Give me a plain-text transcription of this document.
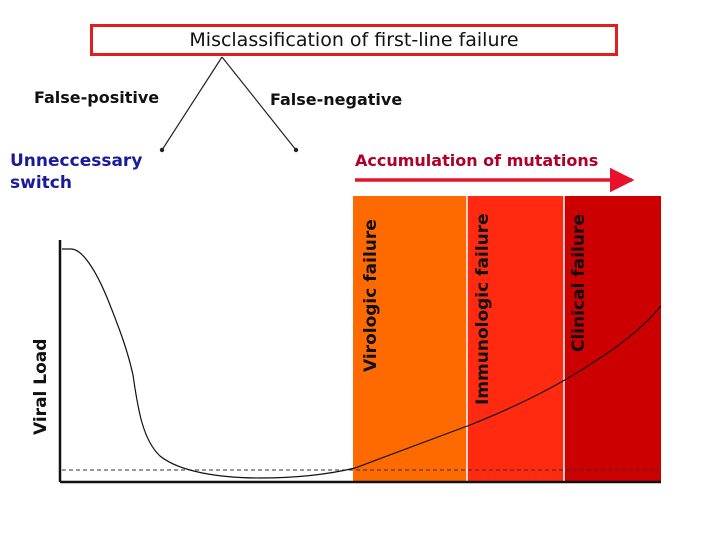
Misclassification of first-line failure
False-positive	False-negative
Unneccessary switch
Accumulation of mutations
Virologic failure	Immunologic failure	Clinical failure
Viral Load
